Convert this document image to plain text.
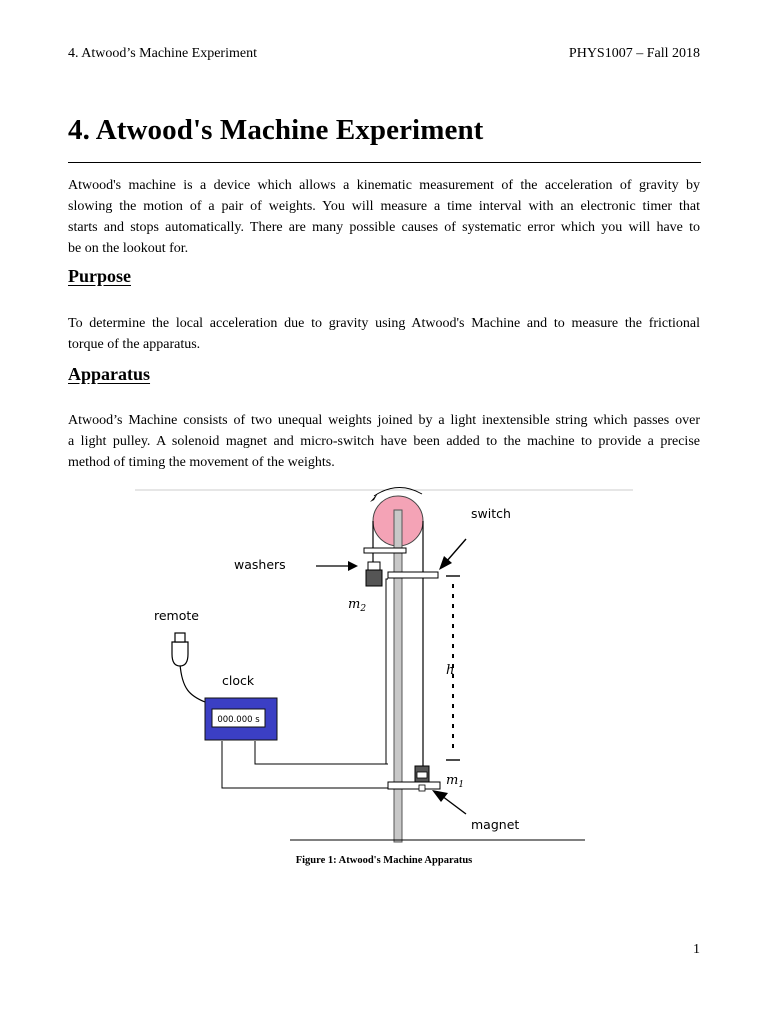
4. Atwood’s Machine Experiment	PHYS1007 – Fall 2018
4. Atwood's Machine Experiment

Atwood's machine is a device which allows a kinematic measurement of the acceleration of gravity by
slowing the motion of a pair of weights. You will measure a time interval with an electronic timer that
starts and stops automatically. There are many possible causes of systematic error which you will have to
be on the lookout for.

Purpose

To determine the local acceleration due to gravity using Atwood's Machine and to measure the frictional
torque of the apparatus.

Apparatus

Atwood’s Machine consists of two unequal weights joined by a light inextensible string which passes over
a light pulley. A solenoid magnet and micro-switch have been added to the machine to provide a precise
method of timing the movement of the weights.

000.000 s
switch
washers
remote
clock
magnet
$m_2$
$m_1$
h
Figure 1: Atwood's Machine Apparatus
1
